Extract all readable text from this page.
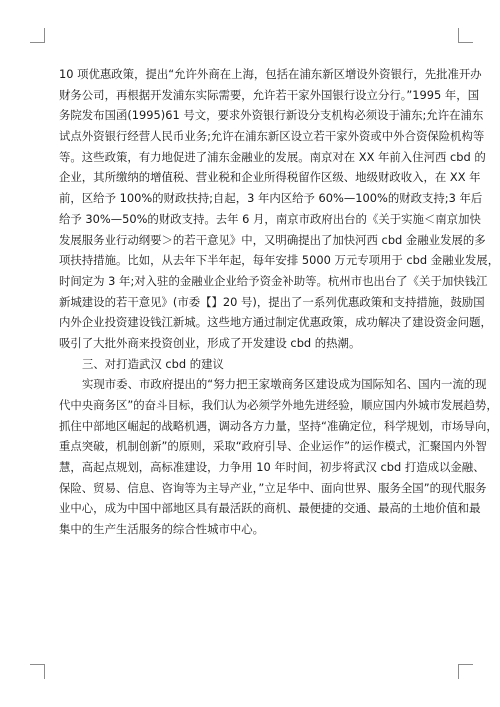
10 项优惠政策，提出“允许外商在上海，包括在浦东新区增设外资银行，先批准开办
财务公司，再根据开发浦东实际需要，允许若干家外国银行设立分行。”1995 年，国
务院发布国函(1995)61 号文，要求外资银行新设分支机构必须设于浦东;允许在浦东
试点外资银行经营人民币业务;允许在浦东新区设立若干家外资或中外合资保险机构等
等。这些政策，有力地促进了浦东金融业的发展。南京对在 XX 年前入住河西 cbd 的
企业，其所缴纳的增值税、营业税和企业所得税留作区级、地级财政收入，在 XX 年
前，区给予 100%的财政扶持;自起，3 年内区给予 60%—100%的财政支持;3 年后
给予 30%—50%的财政支持。去年 6 月，南京市政府出台的《关于实施＜南京加快
发展服务业行动纲要＞的若干意见》中，又明确提出了加快河西 cbd 金融业发展的多
项扶持措施。比如，从去年下半年起，每年安排 5000 万元专项用于 cbd 金融业发展，
时间定为 3 年;对入驻的金融业企业给予资金补助等。杭州市也出台了《关于加快钱江
新城建设的若干意见》(市委【】20 号)，提出了一系列优惠政策和支持措施，鼓励国
内外企业投资建设钱江新城。这些地方通过制定优惠政策，成功解决了建设资金问题，
吸引了大批外商来投资创业，形成了开发建设 cbd 的热潮。
三、对打造武汉 cbd 的建议
实现市委、市政府提出的“努力把王家墩商务区建设成为国际知名、国内一流的现
代中央商务区”的奋斗目标，我们认为必须学外地先进经验，顺应国内外城市发展趋势，
抓住中部地区崛起的战略机遇，调动各方力量，坚持“准确定位，科学规划，市场导向，
重点突破，机制创新”的原则，采取“政府引导、企业运作”的运作模式，汇聚国内外智
慧，高起点规划，高标准建设，力争用 10 年时间，初步将武汉 cbd 打造成以金融、
保险、贸易、信息、咨询等为主导产业，”立足华中、面向世界、服务全国”的现代服务
业中心，成为中国中部地区具有最活跃的商机、最便捷的交通、最高的土地价值和最
集中的生产生活服务的综合性城市中心。
